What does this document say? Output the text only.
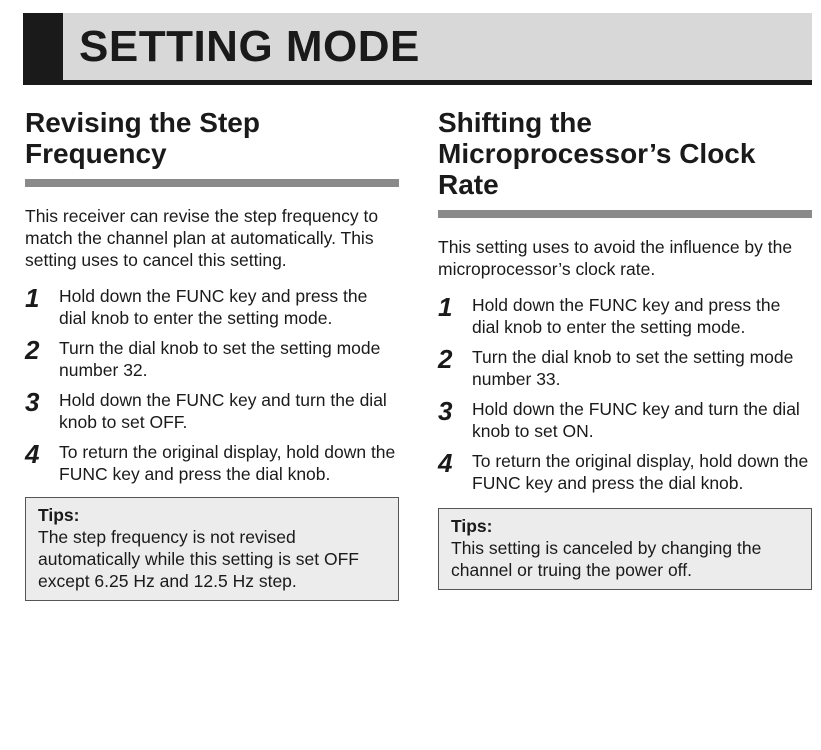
SETTING MODE
Revising the Step
Frequency

This receiver can revise the step frequency to match the channel plan at automatically. This setting uses to cancel this setting.

1	Hold down the FUNC key and press the dial knob to enter the setting mode.
2	Turn the dial knob to set the setting mode number 32.
3	Hold down the FUNC key and turn the dial knob to set OFF.
4	To return the original display, hold down the FUNC key and press the dial knob.
Tips:
The step frequency is not revised automatically while this setting is set OFF except 6.25 Hz and 12.5 Hz step.
Shifting the
Microprocessor’s Clock
Rate

This setting uses to avoid the influence by the microprocessor’s clock rate.

1	Hold down the FUNC key and press the dial knob to enter the setting mode.
2	Turn the dial knob to set the setting mode number 33.
3	Hold down the FUNC key and turn the dial knob to set ON.
4	To return the original display, hold down the FUNC key and press the dial knob.
Tips:
This setting is canceled by changing the channel or truing the power off.
